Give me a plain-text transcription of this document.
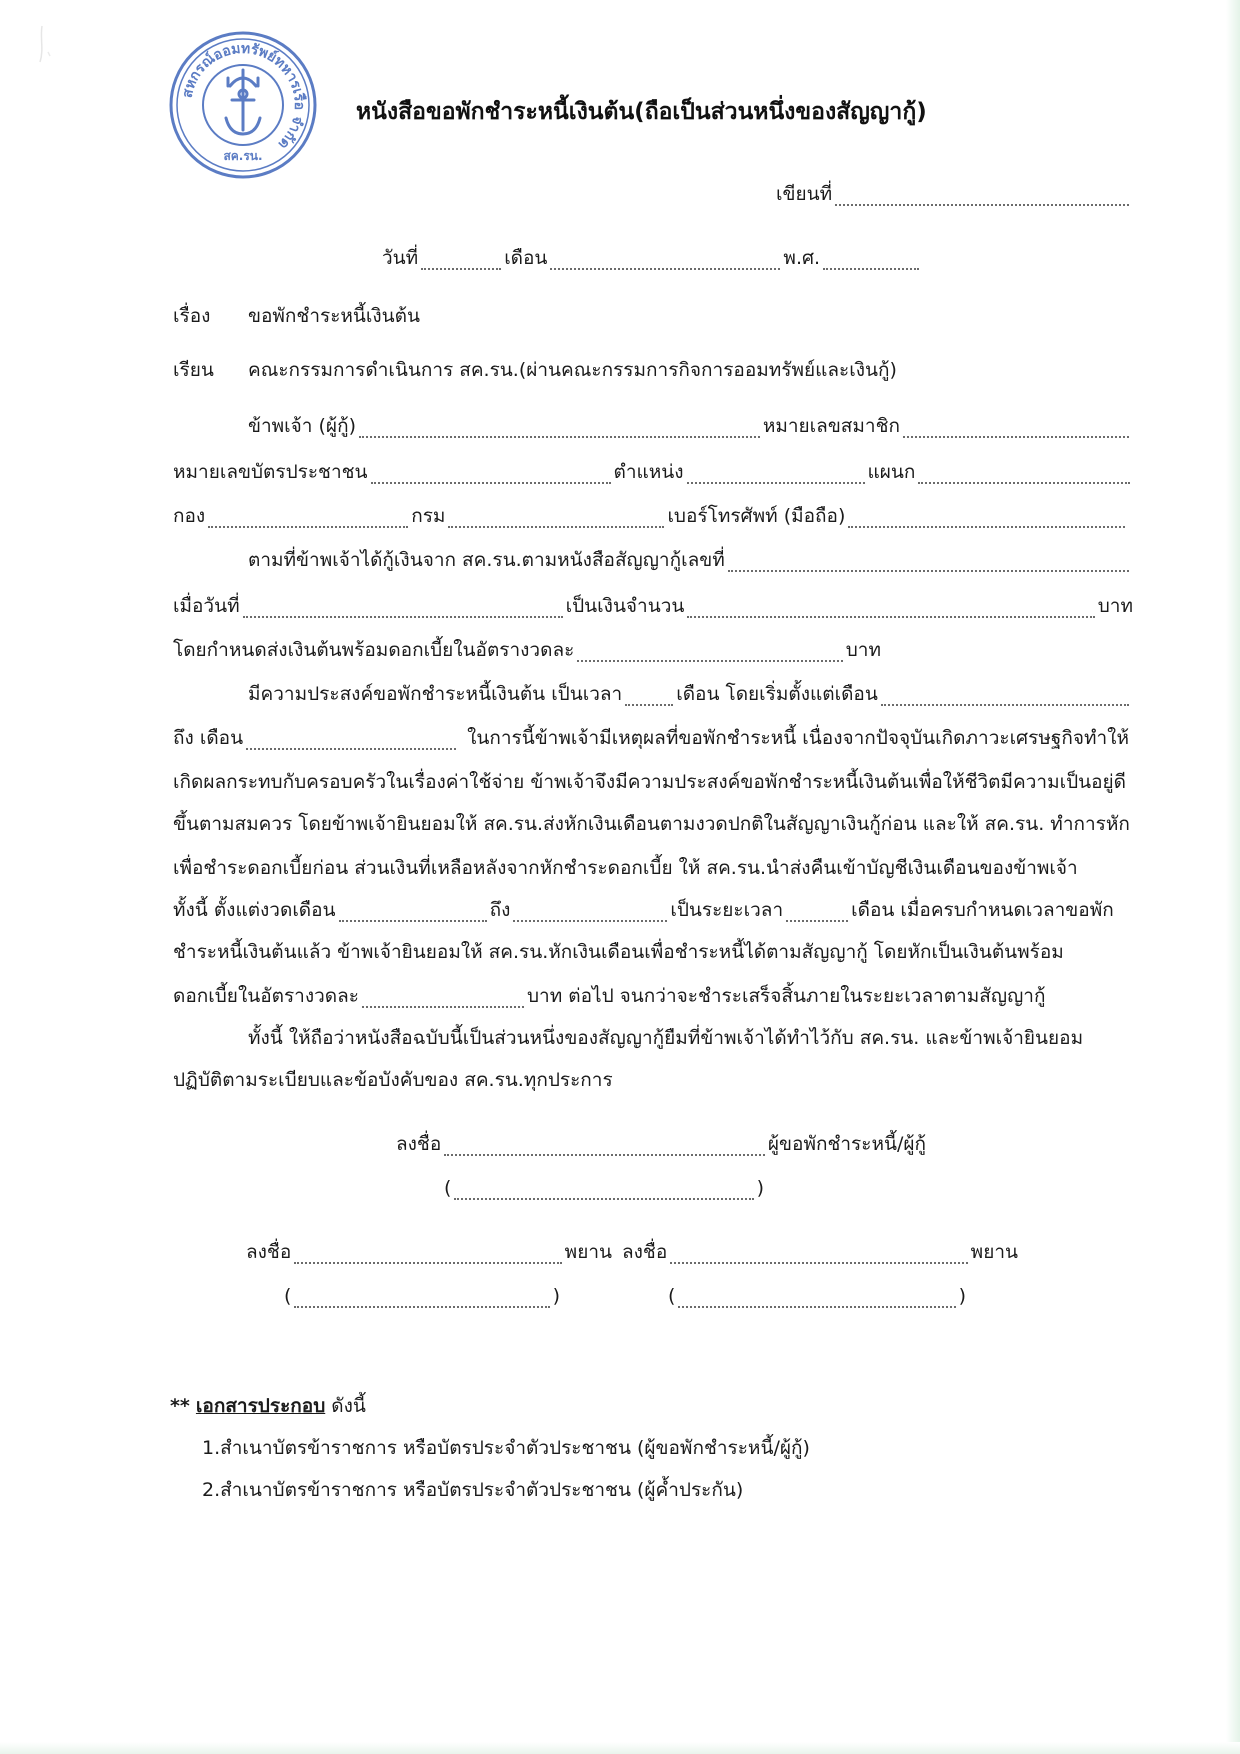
สหกรณ์ออมทรัพย์ทหารเรือ จำกัด
สค.รน.
หนังสือขอพักชำระหนี้เงินต้น(ถือเป็นส่วนหนึ่งของสัญญากู้)
เขียนที่
วันที่	เดือน	พ.ศ.
เรื่อง ขอพักชำระหนี้เงินต้น
เรียน คณะกรรมการดำเนินการ สค.รน.(ผ่านคณะกรรมการกิจการออมทรัพย์และเงินกู้)
ข้าพเจ้า (ผู้กู้)	หมายเลขสมาชิก
หมายเลขบัตรประชาชน	ตำแหน่ง	แผนก
กอง	กรม	เบอร์โทรศัพท์ (มือถือ)
ตามที่ข้าพเจ้าได้กู้เงินจาก สค.รน.ตามหนังสือสัญญากู้เลขที่
เมื่อวันที่	เป็นเงินจำนวน	บาท
โดยกำหนดส่งเงินต้นพร้อมดอกเบี้ยในอัตรางวดละ	บาท
มีความประสงค์ขอพักชำระหนี้เงินต้น เป็นเวลา	เดือน โดยเริ่มตั้งแต่เดือน
ถึง เดือน	ในการนี้ข้าพเจ้ามีเหตุผลที่ขอพักชำระหนี้ เนื่องจากปัจจุบันเกิดภาวะเศรษฐกิจทำให้
เกิดผลกระทบกับครอบครัวในเรื่องค่าใช้จ่าย ข้าพเจ้าจึงมีความประสงค์ขอพักชำระหนี้เงินต้นเพื่อให้ชีวิตมีความเป็นอยู่ดี
ขึ้นตามสมควร โดยข้าพเจ้ายินยอมให้ สค.รน.ส่งหักเงินเดือนตามงวดปกติในสัญญาเงินกู้ก่อน และให้ สค.รน. ทำการหัก
เพื่อชำระดอกเบี้ยก่อน ส่วนเงินที่เหลือหลังจากหักชำระดอกเบี้ย ให้ สค.รน.นำส่งคืนเข้าบัญชีเงินเดือนของข้าพเจ้า
ทั้งนี้ ตั้งแต่งวดเดือน	ถึง	เป็นระยะเวลา	เดือน เมื่อครบกำหนดเวลาขอพัก
ชำระหนี้เงินต้นแล้ว ข้าพเจ้ายินยอมให้ สค.รน.หักเงินเดือนเพื่อชำระหนี้ได้ตามสัญญากู้ โดยหักเป็นเงินต้นพร้อม
ดอกเบี้ยในอัตรางวดละ	บาท ต่อไป จนกว่าจะชำระเสร็จสิ้นภายในระยะเวลาตามสัญญากู้
ทั้งนี้ ให้ถือว่าหนังสือฉบับนี้เป็นส่วนหนึ่งของสัญญากู้ยืมที่ข้าพเจ้าได้ทำไว้กับ สค.รน. และข้าพเจ้ายินยอม
ปฏิบัติตามระเบียบและข้อบังคับของ สค.รน.ทุกประการ
ลงชื่อ	ผู้ขอพักชำระหนี้/ผู้กู้
(	)
ลงชื่อ	พยาน ลงชื่อ	พยาน
(	)	(	)
** เอกสารประกอบ ดังนี้
1.สำเนาบัตรข้าราชการ หรือบัตรประจำตัวประชาชน (ผู้ขอพักชำระหนี้/ผู้กู้)
2.สำเนาบัตรข้าราชการ หรือบัตรประจำตัวประชาชน (ผู้ค้ำประกัน)
